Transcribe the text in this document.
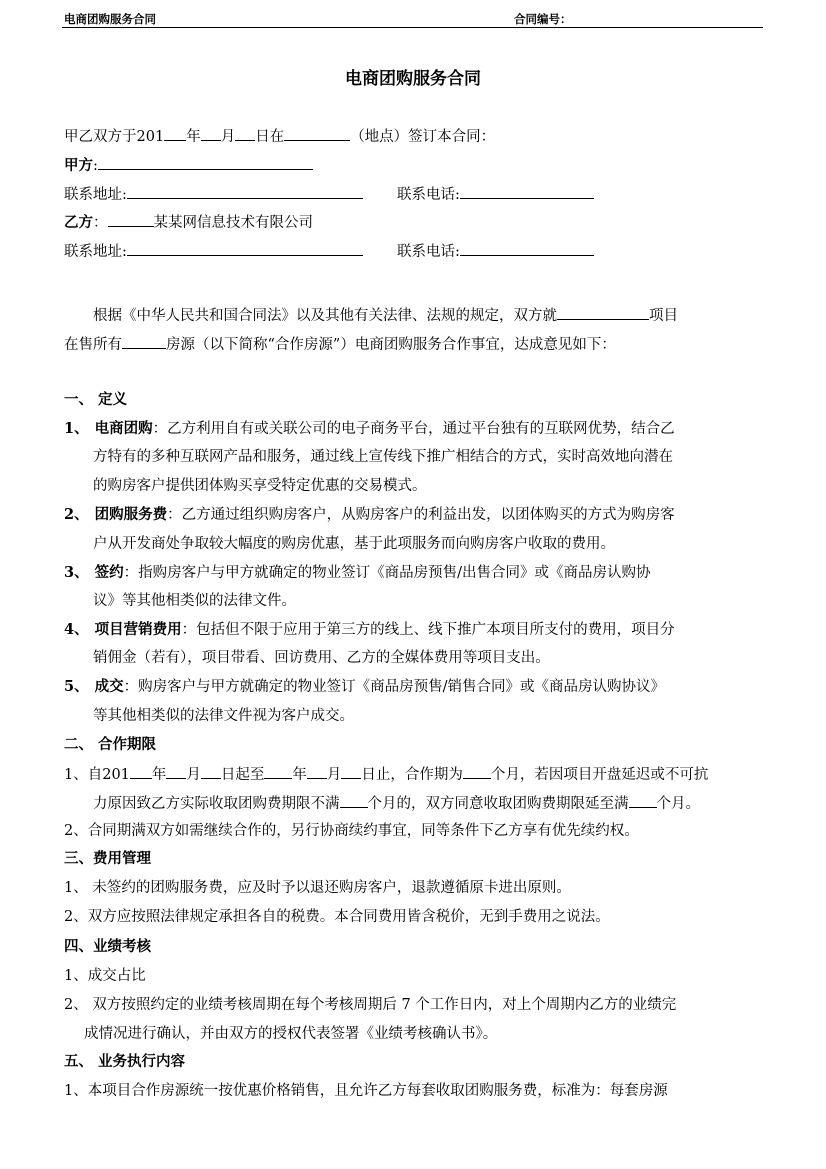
电商团购服务合同	合同编号：
电商团购服务合同
甲乙双方于201 年 月 日在	（地点）签订本合同：
甲方:
联系地址:	联系电话:
乙方：	某某网信息技术有限公司
联系地址:	联系电话:
根据《中华人民共和国合同法》以及其他有关法律、法规的规定，双方就	项目
在售所有	房源（以下简称“合作房源”）电商团购服务合作事宜，达成意见如下：
一、 定义
1、 电商团购：乙方利用自有或关联公司的电子商务平台，通过平台独有的互联网优势，结合乙
方特有的多种互联网产品和服务，通过线上宣传线下推广相结合的方式，实时高效地向潜在
的购房客户提供团体购买享受特定优惠的交易模式。
2、 团购服务费：乙方通过组织购房客户，从购房客户的利益出发，以团体购买的方式为购房客
户从开发商处争取较大幅度的购房优惠，基于此项服务而向购房客户收取的费用。
3、 签约：指购房客户与甲方就确定的物业签订《商品房预售/出售合同》或《商品房认购协
议》等其他相类似的法律文件。
4、 项目营销费用：包括但不限于应用于第三方的线上、线下推广本项目所支付的费用，项目分
销佣金（若有），项目带看、回访费用、乙方的全媒体费用等项目支出。
5、 成交：购房客户与甲方就确定的物业签订《商品房预售/销售合同》或《商品房认购协议》
等其他相类似的法律文件视为客户成交。
二、 合作期限
1、自201 年 月 日起至 年 月 日止，合作期为 个月，若因项目开盘延迟或不可抗
力原因致乙方实际收取团购费期限不满 个月的，双方同意收取团购费期限延至满 个月。
2、合同期满双方如需继续合作的，另行协商续约事宜，同等条件下乙方享有优先续约权。
三、费用管理
1、 未签约的团购服务费，应及时予以退还购房客户，退款遵循原卡进出原则。
2、双方应按照法律规定承担各自的税费。本合同费用皆含税价，无到手费用之说法。
四、业绩考核
1、成交占比
2、 双方按照约定的业绩考核周期在每个考核周期后 7 个工作日内，对上个周期内乙方的业绩完
成情况进行确认，并由双方的授权代表签署《业绩考核确认书》。
五、 业务执行内容
1、本项目合作房源统一按优惠价格销售，且允许乙方每套收取团购服务费，标准为：每套房源
